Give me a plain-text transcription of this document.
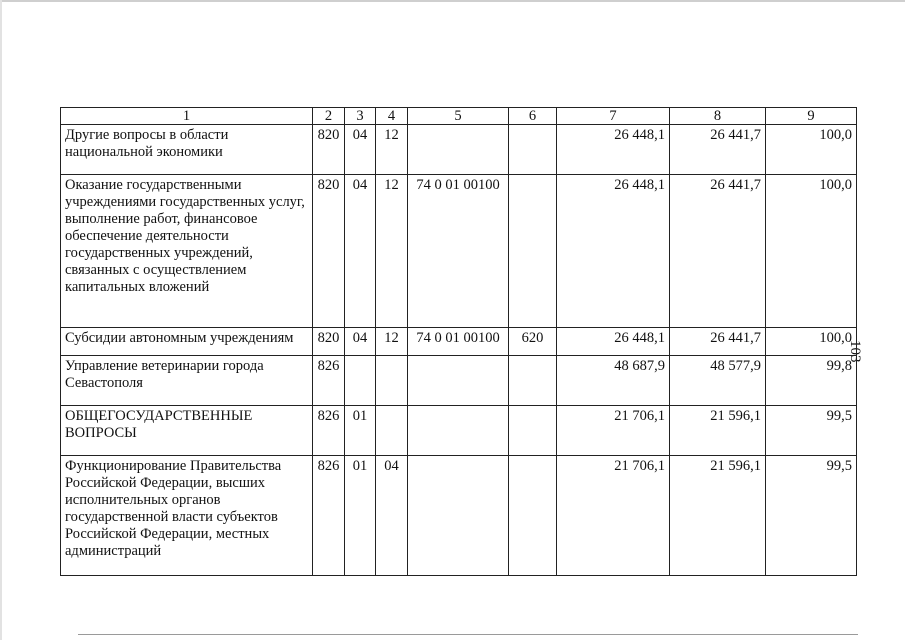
103
1	2	3	4	5	6	7	8	9
Другие вопросы в области национальной экономики	820	04	12			26 448,1	26 441,7	100,0
Оказание государственными учреждениями государственных услуг, выполнение работ, финансовое обеспечение деятельности государственных учреждений, связанных с осуществлением капитальных вложений	820	04	12	74 0 01 00100		26 448,1	26 441,7	100,0
Субсидии автономным учреждениям	820	04	12	74 0 01 00100	620	26 448,1	26 441,7	100,0
Управление ветеринарии города Севастополя	826					48 687,9	48 577,9	99,8
ОБЩЕГОСУДАРСТВЕННЫЕ ВОПРОСЫ	826	01				21 706,1	21 596,1	99,5
Функционирование Правительства Российской Федерации, высших исполнительных органов государственной власти субъектов Российской Федерации, местных администраций	826	01	04			21 706,1	21 596,1	99,5
